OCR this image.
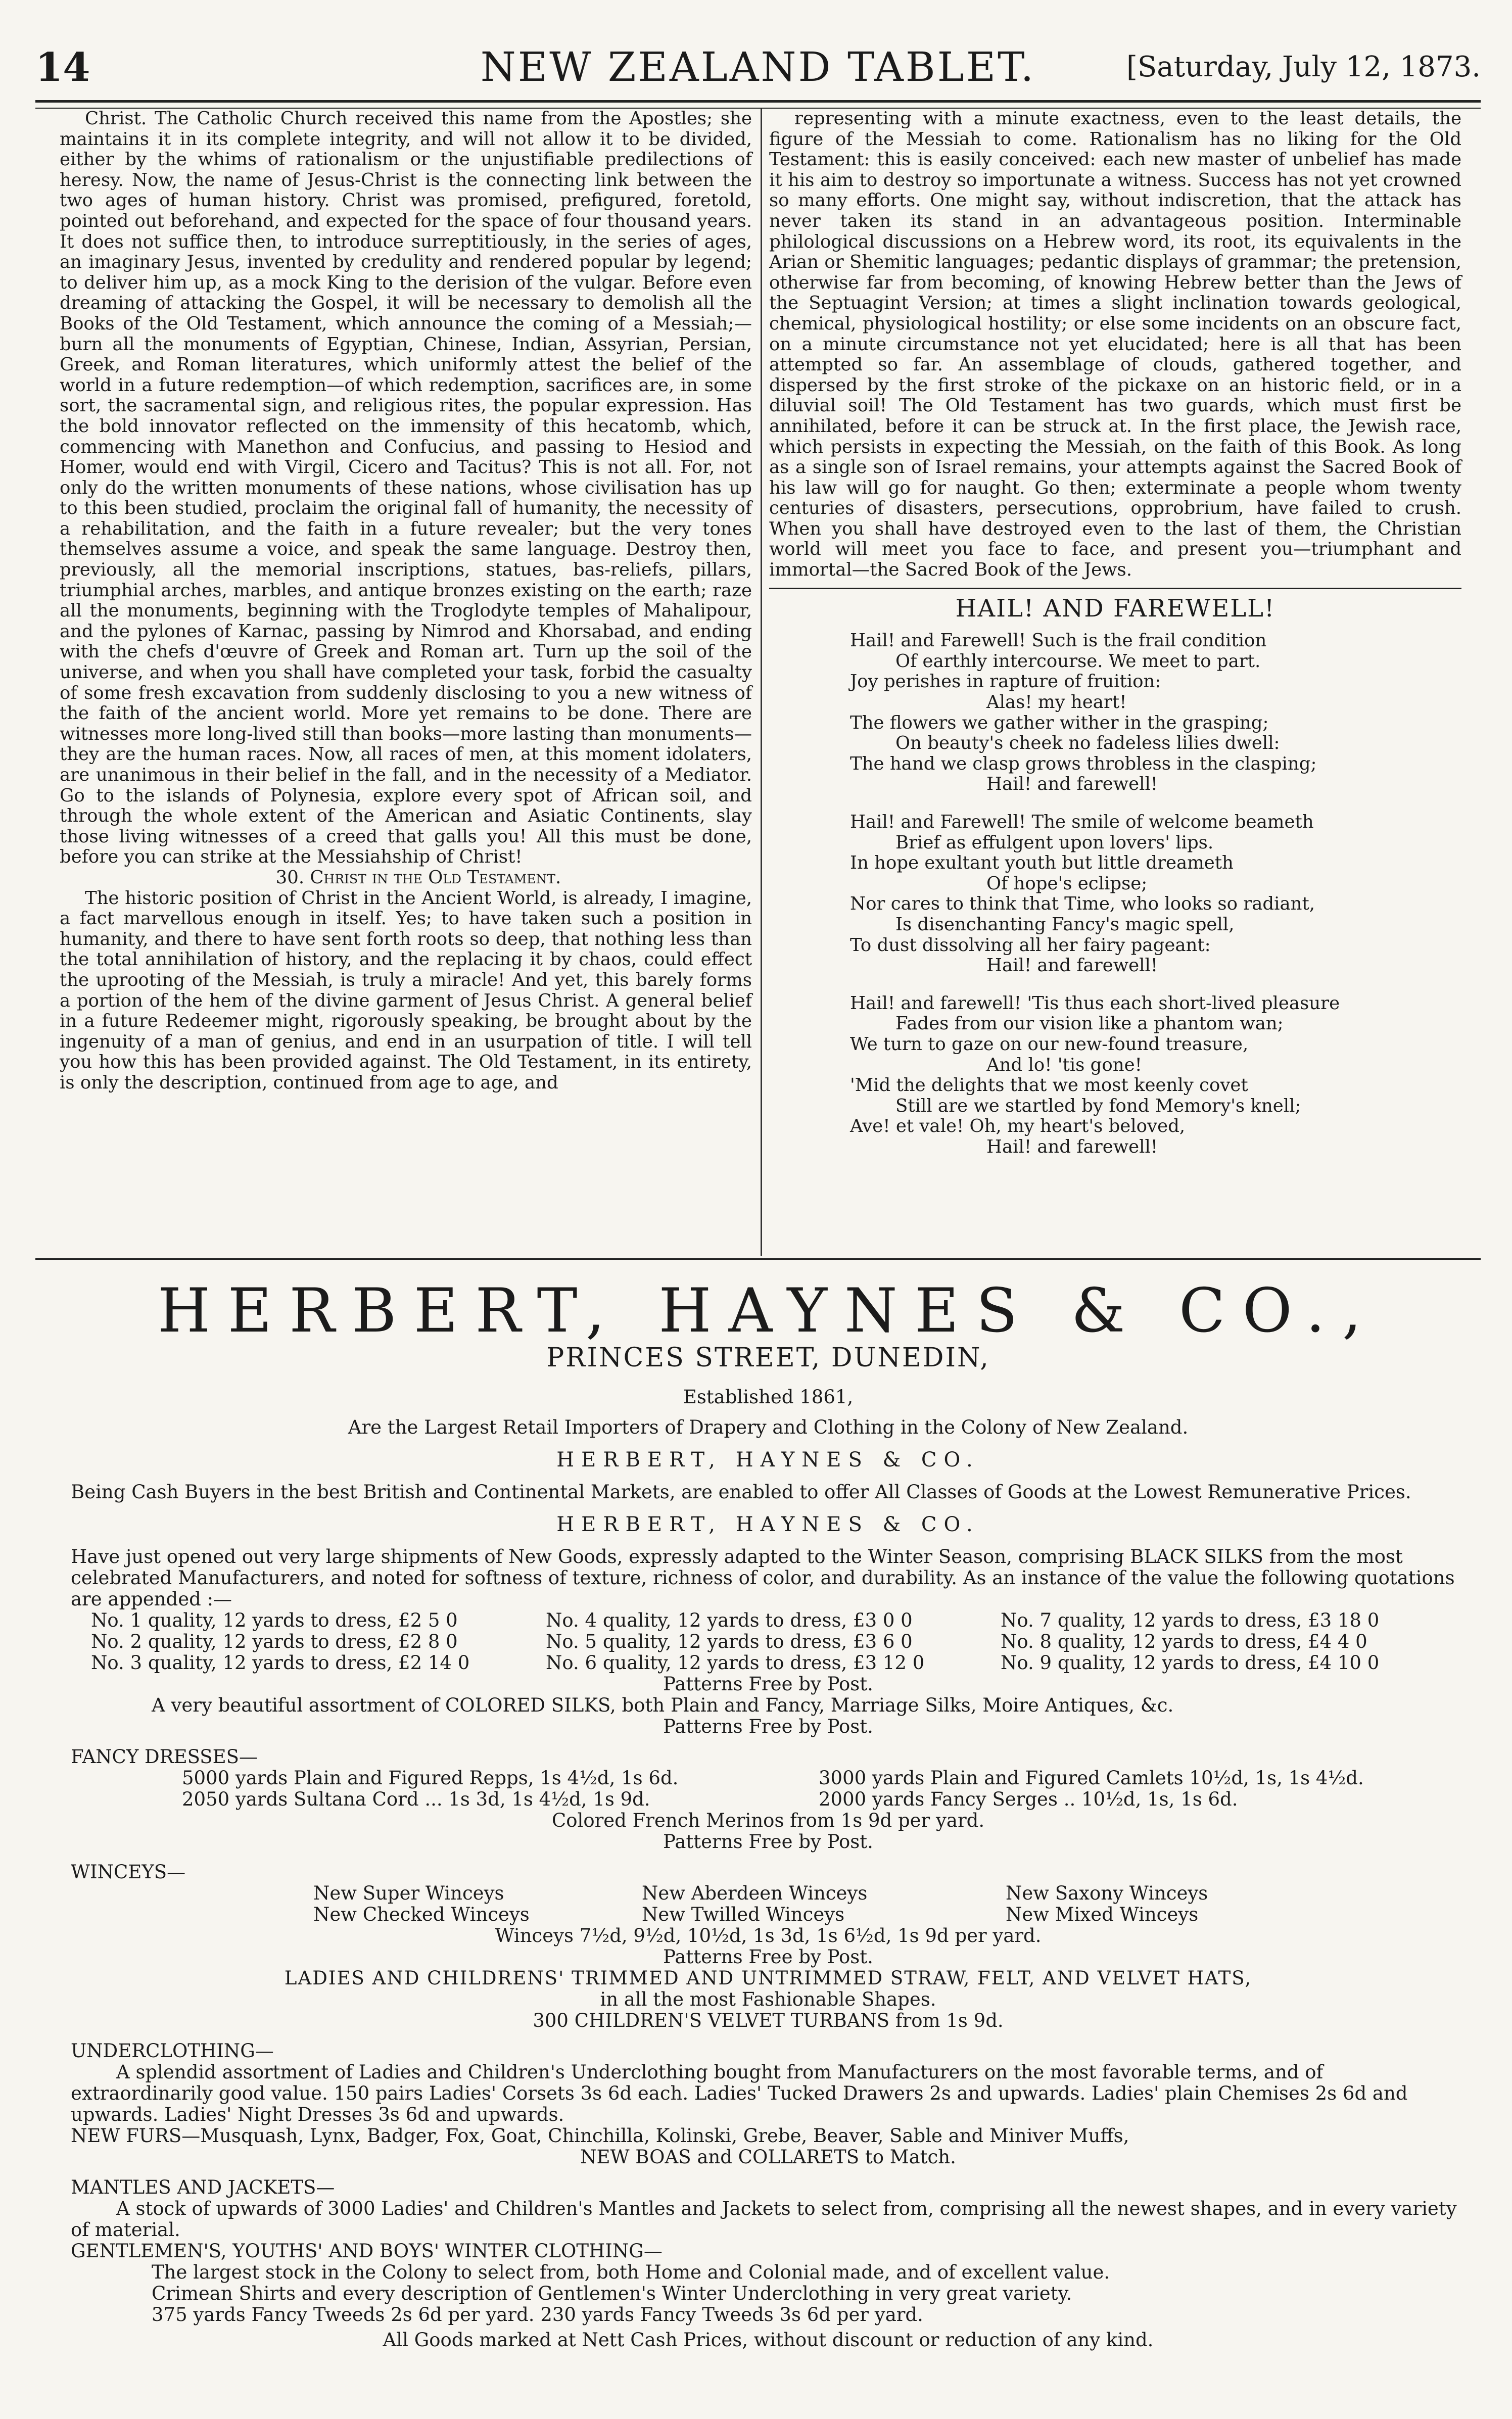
14	NEW ZEALAND TABLET.	[Saturday, July 12, 1873.

Christ. The Catholic Church received this name from the Apostles; she maintains it in its complete integrity, and will not allow it to be divided, either by the whims of rationalism or the unjustifiable predilections of heresy. Now, the name of Jesus-Christ is the connecting link between the two ages of human history. Christ was promised, prefigured, foretold, pointed out beforehand, and expected for the space of four thousand years. It does not suffice then, to introduce surreptitiously, in the series of ages, an imaginary Jesus, invented by credulity and rendered popular by legend; to deliver him up, as a mock King to the derision of the vulgar. Before even dreaming of attacking the Gospel, it will be necessary to demolish all the Books of the Old Testament, which announce the coming of a Messiah;—burn all the monuments of Egyptian, Chinese, Indian, Assyrian, Persian, Greek, and Roman literatures, which uniformly attest the belief of the world in a future redemption—of which redemption, sacrifices are, in some sort, the sacramental sign, and religious rites, the popular expression. Has the bold innovator reflected on the immensity of this hecatomb, which, commencing with Manethon and Confucius, and passing to Hesiod and Homer, would end with Virgil, Cicero and Tacitus? This is not all. For, not only do the written monuments of these nations, whose civilisation has up to this been studied, proclaim the original fall of humanity, the necessity of a rehabilitation, and the faith in a future revealer; but the very tones themselves assume a voice, and speak the same language. Destroy then, previously, all the memorial inscriptions, statues, bas-reliefs, pillars, triumphial arches, marbles, and antique bronzes existing on the earth; raze all the monuments, beginning with the Troglodyte temples of Mahalipour, and the pylones of Karnac, passing by Nimrod and Khorsabad, and ending with the chefs d'œuvre of Greek and Roman art. Turn up the soil of the universe, and when you shall have completed your task, forbid the casualty of some fresh excavation from suddenly disclosing to you a new witness of the faith of the ancient world. More yet remains to be done. There are witnesses more long-lived still than books—more lasting than monuments—they are the human races. Now, all races of men, at this moment idolaters, are unanimous in their belief in the fall, and in the necessity of a Mediator. Go to the islands of Polynesia, explore every spot of African soil, and through the whole extent of the American and Asiatic Continents, slay those living witnesses of a creed that galls you! All this must be done, before you can strike at the Messiahship of Christ!

30. Christ in the Old Testament.

The historic position of Christ in the Ancient World, is already, I imagine, a fact marvellous enough in itself. Yes; to have taken such a position in humanity, and there to have sent forth roots so deep, that nothing less than the total annihilation of history, and the replacing it by chaos, could effect the uprooting of the Messiah, is truly a miracle! And yet, this barely forms a portion of the hem of the divine garment of Jesus Christ. A general belief in a future Redeemer might, rigorously speaking, be brought about by the ingenuity of a man of genius, and end in an usurpation of title. I will tell you how this has been provided against. The Old Testament, in its entirety, is only the description, continued from age to age, and

representing with a minute exactness, even to the least details, the figure of the Messiah to come. Rationalism has no liking for the Old Testament: this is easily conceived: each new master of unbelief has made it his aim to destroy so importunate a witness. Success has not yet crowned so many efforts. One might say, without indiscretion, that the attack has never taken its stand in an advantageous position. Interminable philological discussions on a Hebrew word, its root, its equivalents in the Arian or Shemitic languages; pedantic displays of grammar; the pretension, otherwise far from becoming, of knowing Hebrew better than the Jews of the Septuagint Version; at times a slight inclination towards geological, chemical, physiological hostility; or else some incidents on an obscure fact, on a minute circumstance not yet elucidated; here is all that has been attempted so far. An assemblage of clouds, gathered together, and dispersed by the first stroke of the pickaxe on an historic field, or in a diluvial soil! The Old Testament has two guards, which must first be annihilated, before it can be struck at. In the first place, the Jewish race, which persists in expecting the Messiah, on the faith of this Book. As long as a single son of Israel remains, your attempts against the Sacred Book of his law will go for naught. Go then; exterminate a people whom twenty centuries of disasters, persecutions, opprobrium, have failed to crush. When you shall have destroyed even to the last of them, the Christian world will meet you face to face, and present you—triumphant and immortal—the Sacred Book of the Jews.

HAIL! AND FAREWELL!
Hail! and Farewell! Such is the frail condition
Of earthly intercourse. We meet to part.
Joy perishes in rapture of fruition:
Alas! my heart!
The flowers we gather wither in the grasping;
On beauty's cheek no fadeless lilies dwell:
The hand we clasp grows throbless in the clasping;
Hail! and farewell!
Hail! and Farewell! The smile of welcome beameth
Brief as effulgent upon lovers' lips.
In hope exultant youth but little dreameth
Of hope's eclipse;
Nor cares to think that Time, who looks so radiant,
Is disenchanting Fancy's magic spell,
To dust dissolving all her fairy pageant:
Hail! and farewell!
Hail! and farewell! 'Tis thus each short-lived pleasure
Fades from our vision like a phantom wan;
We turn to gaze on our new-found treasure,
And lo! 'tis gone!
'Mid the delights that we most keenly covet
Still are we startled by fond Memory's knell;
Ave! et vale! Oh, my heart's beloved,
Hail! and farewell!
HERBERT, HAYNES & CO.,
PRINCES STREET, DUNEDIN,
Established 1861,
Are the Largest Retail Importers of Drapery and Clothing in the Colony of New Zealand.
HERBERT, HAYNES & CO.
Being Cash Buyers in the best British and Continental Markets, are enabled to offer All Classes of Goods at the Lowest Remunerative Prices.
HERBERT, HAYNES & CO.
Have just opened out very large shipments of New Goods, expressly adapted to the Winter Season, comprising BLACK SILKS from the most celebrated Manufacturers, and noted for softness of texture, richness of color, and durability. As an instance of the value the following quotations are appended :—
No. 1 quality, 12 yards to dress, £2 5 0	No. 4 quality, 12 yards to dress, £3 0 0	No. 7 quality, 12 yards to dress, £3 18 0
No. 2 quality, 12 yards to dress, £2 8 0	No. 5 quality, 12 yards to dress, £3 6 0	No. 8 quality, 12 yards to dress, £4 4 0
No. 3 quality, 12 yards to dress, £2 14 0	No. 6 quality, 12 yards to dress, £3 12 0	No. 9 quality, 12 yards to dress, £4 10 0
Patterns Free by Post.
A very beautiful assortment of COLORED SILKS, both Plain and Fancy, Marriage Silks, Moire Antiques, &c.
Patterns Free by Post.
FANCY DRESSES—
5000 yards Plain and Figured Repps, 1s 4½d, 1s 6d.	3000 yards Plain and Figured Camlets 10½d, 1s, 1s 4½d.
2050 yards Sultana Cord ... 1s 3d, 1s 4½d, 1s 9d.	2000 yards Fancy Serges .. 10½d, 1s, 1s 6d.
Colored French Merinos from 1s 9d per yard.
Patterns Free by Post.
WINCEYS—
New Super Winceys	New Aberdeen Winceys	New Saxony Winceys
New Checked Winceys	New Twilled Winceys	New Mixed Winceys
Winceys 7½d, 9½d, 10½d, 1s 3d, 1s 6½d, 1s 9d per yard.
Patterns Free by Post.
LADIES AND CHILDRENS' TRIMMED AND UNTRIMMED STRAW, FELT, AND VELVET HATS,
in all the most Fashionable Shapes.
300 CHILDREN'S VELVET TURBANS from 1s 9d.
UNDERCLOTHING—
A splendid assortment of Ladies and Children's Underclothing bought from Manufacturers on the most favorable terms, and of extraordinarily good value. 150 pairs Ladies' Corsets 3s 6d each. Ladies' Tucked Drawers 2s and upwards. Ladies' plain Chemises 2s 6d and upwards. Ladies' Night Dresses 3s 6d and upwards.
NEW FURS—Musquash, Lynx, Badger, Fox, Goat, Chinchilla, Kolinski, Grebe, Beaver, Sable and Miniver Muffs,
NEW BOAS and COLLARETS to Match.
MANTLES AND JACKETS—
A stock of upwards of 3000 Ladies' and Children's Mantles and Jackets to select from, comprising all the newest shapes, and in every variety of material.
GENTLEMEN'S, YOUTHS' AND BOYS' WINTER CLOTHING—
The largest stock in the Colony to select from, both Home and Colonial made, and of excellent value.
Crimean Shirts and every description of Gentlemen's Winter Underclothing in very great variety.
375 yards Fancy Tweeds 2s 6d per yard. 230 yards Fancy Tweeds 3s 6d per yard.
All Goods marked at Nett Cash Prices, without discount or reduction of any kind.
